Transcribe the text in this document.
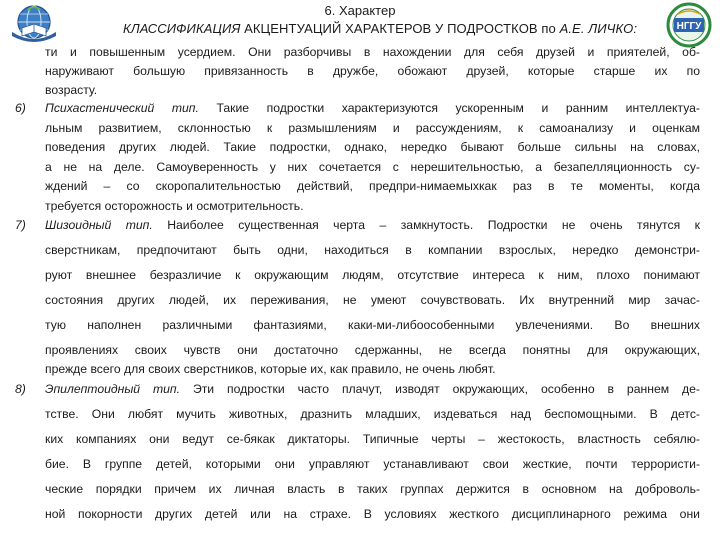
НГГУ
6. Характер
КЛАССИФИКАЦИЯ АКЦЕНТУАЦИЙ ХАРАКТЕРОВ У ПОДРОСТКОВ по А.Е. ЛИЧКО:
ти и повышенным усердием. Они разборчивы в нахождении для себя друзей и приятелей, об-
наруживают большую привязанность в дружбе, обожают друзей, которые старше их по
возрасту.
6) Психастенический тип. Такие подростки характеризуются ускоренным и ранним интеллектуа-
льным развитием, склонностью к размышлениям и рассуждениям, к самоанализу и оценкам
поведения других людей. Такие подростки, однако, нередко бывают больше сильны на словах,
а не на деле. Самоуверенность у них сочетается с нерешительностью, а безапелляционность су-
ждений – со скоропалительностью действий, предпри-нимаемыхкак раз в те моменты, когда
требуется осторожность и осмотрительность.
7) Шизоидный тип. Наиболее существенная черта – замкнутость. Подростки не очень тянутся к
сверстникам, предпочитают быть одни, находиться в компании взрослых, нередко демонстри-
руют внешнее безразличие к окружающим людям, отсутствие интереса к ним, плохо понимают
состояния других людей, их переживания, не умеют сочувствовать. Их внутренний мир зачас-
тую наполнен различными фантазиями, каки-ми-либоособенными увлечениями. Во внешних
проявлениях своих чувств они достаточно сдержанны, не всегда понятны для окружающих,
прежде всего для своих сверстников, которые их, как правило, не очень любят.
8) Эпилептоидный тип. Эти подростки часто плачут, изводят окружающих, особенно в раннем де-
тстве. Они любят мучить животных, дразнить младших, издеваться над беспомощными. В детс-
ких компаниях они ведут се-бякак диктаторы. Типичные черты – жестокость, властность себялю-
бие. В группе детей, которыми они управляют устанавливают свои жесткие, почти террористи-
ческие порядки причем их личная власть в таких группах держится в основном на доброволь-
ной покорности других детей или на страхе. В условиях жесткого дисциплинарного режима они
